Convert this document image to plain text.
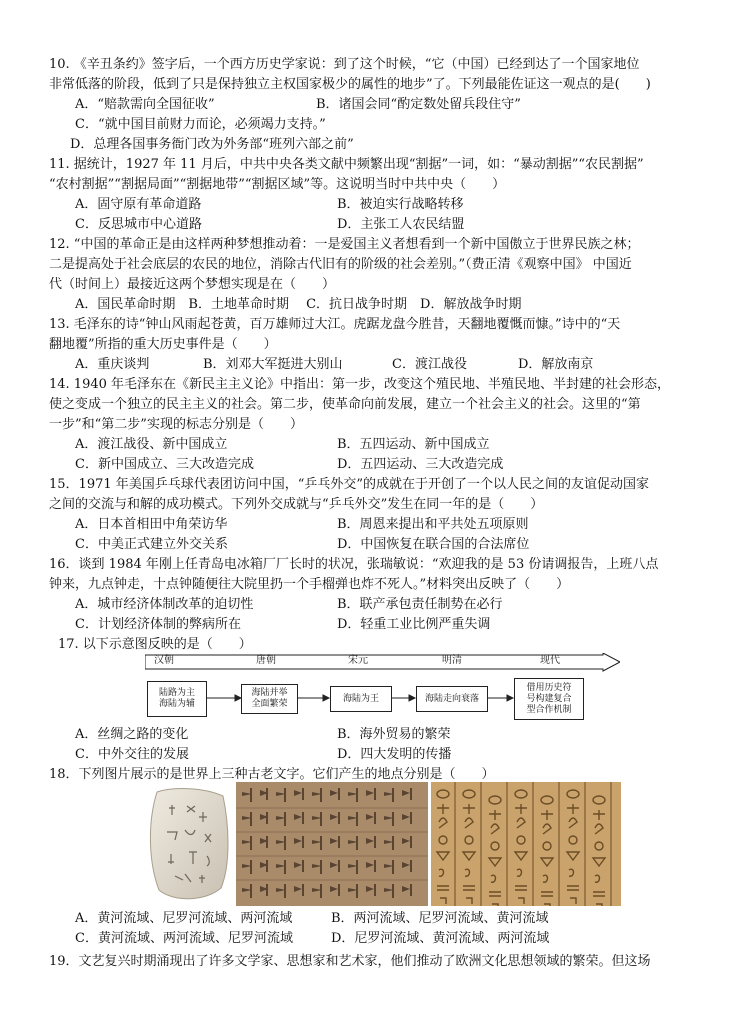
10. 《辛丑条约》签字后，一个西方历史学家说：到了这个时候，“它（中国）已经到达了一个国家地位
非常低落的阶段，低到了只是保持独立主权国家极少的属性的地步”了。下列最能佐证这一观点的是(　　)
A．“赔款需向全国征收”	B．诸国会同“酌定数处留兵段住守”
C．“就中国目前财力而论，必须竭力支持。”
D．总理各国事务衙门改为外务部“班列六部之前”
11. 据统计，1927 年 11 月后，中共中央各类文献中频繁出现“割据”一词，如：“暴动割据”“农民割据”
“农村割据”“割据局面”“割据地带”“割据区域”等。这说明当时中共中央（　　）
A．固守原有革命道路	B．被迫实行战略转移
C．反思城市中心道路	D．主张工人农民结盟
12. “中国的革命正是由这样两种梦想推动着：一是爱国主义者想看到一个新中国傲立于世界民族之林；
二是提高处于社会底层的农民的地位，消除古代旧有的阶级的社会差别。”（费正清《观察中国》 中国近
代（时间上）最接近这两个梦想实现是在（　　）
A．国民革命时期　B．土地革命时期　 C．抗日战争时期　D．解放战争时期
13. 毛泽东的诗“钟山风雨起苍黄，百万雄师过大江。虎踞龙盘今胜昔，天翻地覆慨而慷。”诗中的“天
翻地覆”所指的重大历史事件是（　　）
A．重庆谈判	B．刘邓大军挺进大别山	C．渡江战役	D．解放南京
14. 1940 年毛泽东在《新民主主义论》中指出：第一步，改变这个殖民地、半殖民地、半封建的社会形态，
使之变成一个独立的民主主义的社会。第二步，使革命向前发展，建立一个社会主义的社会。这里的“第
一步”和“第二步”实现的标志分别是（　　）
A．渡江战役、新中国成立	B．五四运动、新中国成立
C．新中国成立、三大改造完成	D．五四运动、三大改造完成
15．1971 年美国乒乓球代表团访问中国，“乒乓外交”的成就在于开创了一个以人民之间的友谊促动国家
之间的交流与和解的成功模式。下列外交成就与“乒乓外交”发生在同一年的是（　　）
A．日本首相田中角荣访华	B．周恩来提出和平共处五项原则
C．中美正式建立外交关系	D．中国恢复在联合国的合法席位
16．谈到 1984 年刚上任青岛电冰箱厂厂长时的状况，张瑞敏说：“欢迎我的是 53 份请调报告，上班八点
钟来，九点钟走，十点钟随便往大院里扔一个手榴弹也炸不死人。”材料突出反映了（　　）
A．城市经济体制改革的迫切性	B．联产承包责任制势在必行
C．计划经济体制的弊病所在	D．轻重工业比例严重失调
17. 以下示意图反映的是（　　）
汉朝	唐朝	宋元	明清	现代
陆路为主
海陆为辅
海陆并举
全面繁荣
海陆为王	海陆走向衰落
借用历史符
号构建复合
型合作机制
A．丝绸之路的变化	B．海外贸易的繁荣
C．中外交往的发展	D．四大发明的传播
18．下列图片展示的是世界上三种古老文字。它们产生的地点分别是（　　）
A．黄河流域、尼罗河流域、两河流域	B．两河流域、尼罗河流域、黄河流域
C．黄河流域、两河流域、尼罗河流域	D．尼罗河流域、黄河流域、两河流域
19．文艺复兴时期涌现出了许多文学家、思想家和艺术家，他们推动了欧洲文化思想领域的繁荣。但这场
